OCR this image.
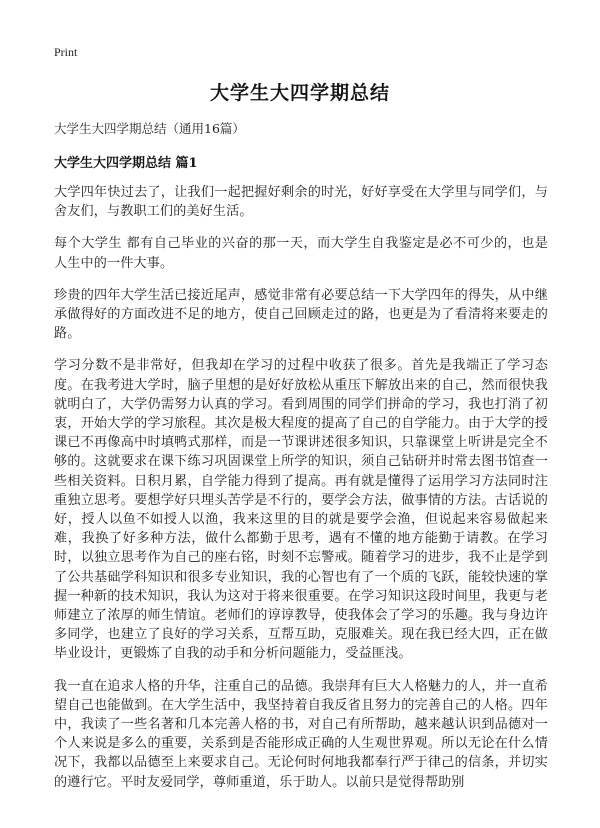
Print
大学生大四学期总结
大学生大四学期总结（通用16篇）
大学生大四学期总结 篇1

大学四年快过去了，让我们一起把握好剩余的时光，好好享受在大学里与同学们，与舍友们，与教职工们的美好生活。

每个大学生 都有自己毕业的兴奋的那一天，而大学生自我鉴定是必不可少的，也是人生中的一件大事。

珍贵的四年大学生活已接近尾声，感觉非常有必要总结一下大学四年的得失，从中继承做得好的方面改进不足的地方，使自己回顾走过的路，也更是为了看清将来要走的路。

学习分数不是非常好，但我却在学习的过程中收获了很多。首先是我端正了学习态度。在我考进大学时，脑子里想的是好好放松从重压下解放出来的自己，然而很快我就明白了，大学仍需努力认真的学习。看到周围的同学们拼命的学习，我也打消了初衷，开始大学的学习旅程。其次是极大程度的提高了自己的自学能力。由于大学的授课已不再像高中时填鸭式那样，而是一节课讲述很多知识，只靠课堂上听讲是完全不够的。这就要求在课下练习巩固课堂上所学的知识，须自己钻研并时常去图书馆查一些相关资料。日积月累，自学能力得到了提高。再有就是懂得了运用学习方法同时注重独立思考。要想学好只埋头苦学是不行的，要学会方法，做事情的方法。古话说的好，授人以鱼不如授人以渔，我来这里的目的就是要学会渔，但说起来容易做起来难，我换了好多种方法，做什么都勤于思考，遇有不懂的地方能勤于请教。在学习时，以独立思考作为自己的座右铭，时刻不忘警戒。随着学习的进步，我不止是学到了公共基础学科知识和很多专业知识，我的心智也有了一个质的飞跃，能较快速的掌握一种新的技术知识，我认为这对于将来很重要。在学习知识这段时间里，我更与老师建立了浓厚的师生情谊。老师们的谆谆教导，使我体会了学习的乐趣。我与身边许多同学，也建立了良好的学习关系，互帮互助，克服难关。现在我已经大四，正在做毕业设计，更锻炼了自我的动手和分析问题能力，受益匪浅。

我一直在追求人格的升华，注重自己的品德。我崇拜有巨大人格魅力的人，并一直希望自己也能做到。在大学生活中，我坚持着自我反省且努力的完善自己的人格。四年中，我读了一些名著和几本完善人格的书，对自己有所帮助，越来越认识到品德对一个人来说是多么的重要，关系到是否能形成正确的人生观世界观。所以无论在什么情况下，我都以品德至上来要求自己。无论何时何地我都奉行严于律己的信条，并切实的遵行它。平时友爱同学，尊师重道，乐于助人。以前只是觉得帮助别
